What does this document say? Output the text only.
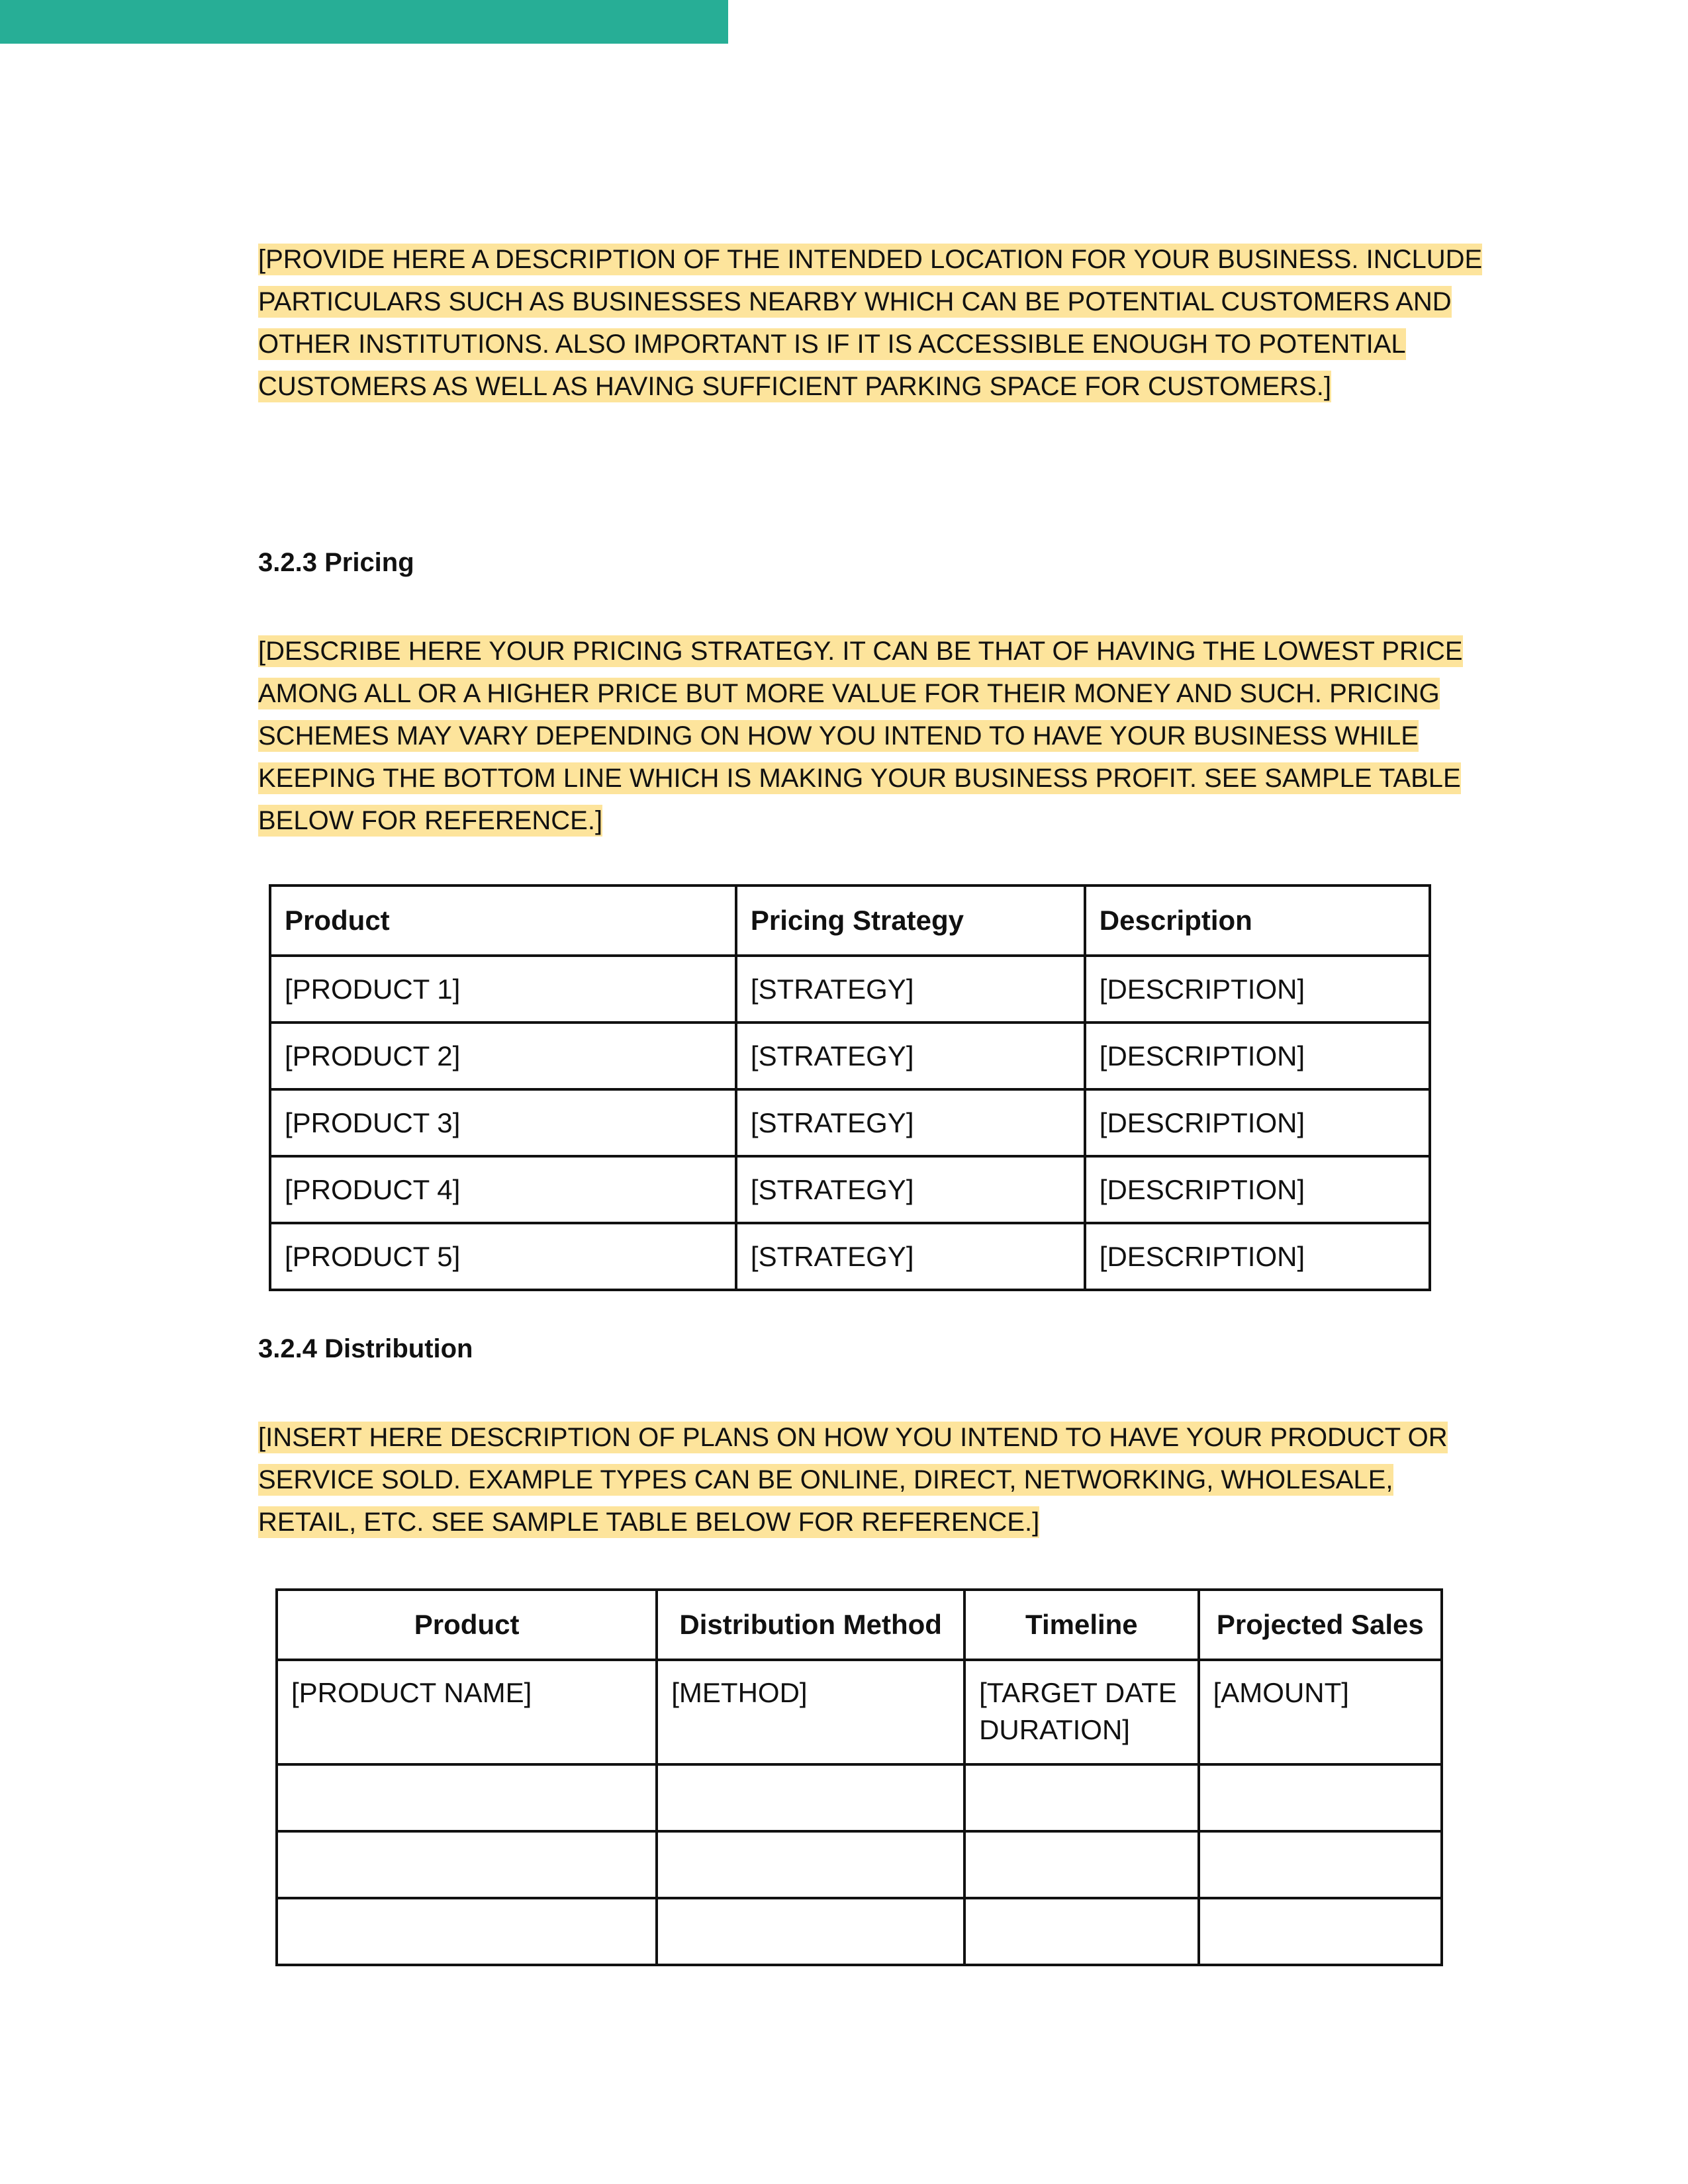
[PROVIDE HERE A DESCRIPTION OF THE INTENDED LOCATION FOR YOUR BUSINESS. INCLUDE PARTICULARS SUCH AS BUSINESSES NEARBY WHICH CAN BE POTENTIAL CUSTOMERS AND OTHER INSTITUTIONS. ALSO IMPORTANT IS IF IT IS ACCESSIBLE ENOUGH TO POTENTIAL CUSTOMERS AS WELL AS HAVING SUFFICIENT PARKING SPACE FOR CUSTOMERS.]

3.2.3 Pricing

[DESCRIBE HERE YOUR PRICING STRATEGY. IT CAN BE THAT OF HAVING THE LOWEST PRICE AMONG ALL OR A HIGHER PRICE BUT MORE VALUE FOR THEIR MONEY AND SUCH. PRICING SCHEMES MAY VARY DEPENDING ON HOW YOU INTEND TO HAVE YOUR BUSINESS WHILE KEEPING THE BOTTOM LINE WHICH IS MAKING YOUR BUSINESS PROFIT. SEE SAMPLE TABLE BELOW FOR REFERENCE.]

Product	Pricing Strategy	Description
[PRODUCT 1]	[STRATEGY]	[DESCRIPTION]
[PRODUCT 2]	[STRATEGY]	[DESCRIPTION]
[PRODUCT 3]	[STRATEGY]	[DESCRIPTION]
[PRODUCT 4]	[STRATEGY]	[DESCRIPTION]
[PRODUCT 5]	[STRATEGY]	[DESCRIPTION]
3.2.4 Distribution

[INSERT HERE DESCRIPTION OF PLANS ON HOW YOU INTEND TO HAVE YOUR PRODUCT OR SERVICE SOLD. EXAMPLE TYPES CAN BE ONLINE, DIRECT, NETWORKING, WHOLESALE, RETAIL, ETC. SEE SAMPLE TABLE BELOW FOR REFERENCE.]

Product	Distribution Method	Timeline	Projected Sales
[PRODUCT NAME]	[METHOD]	[TARGET DATE DURATION]	[AMOUNT]
